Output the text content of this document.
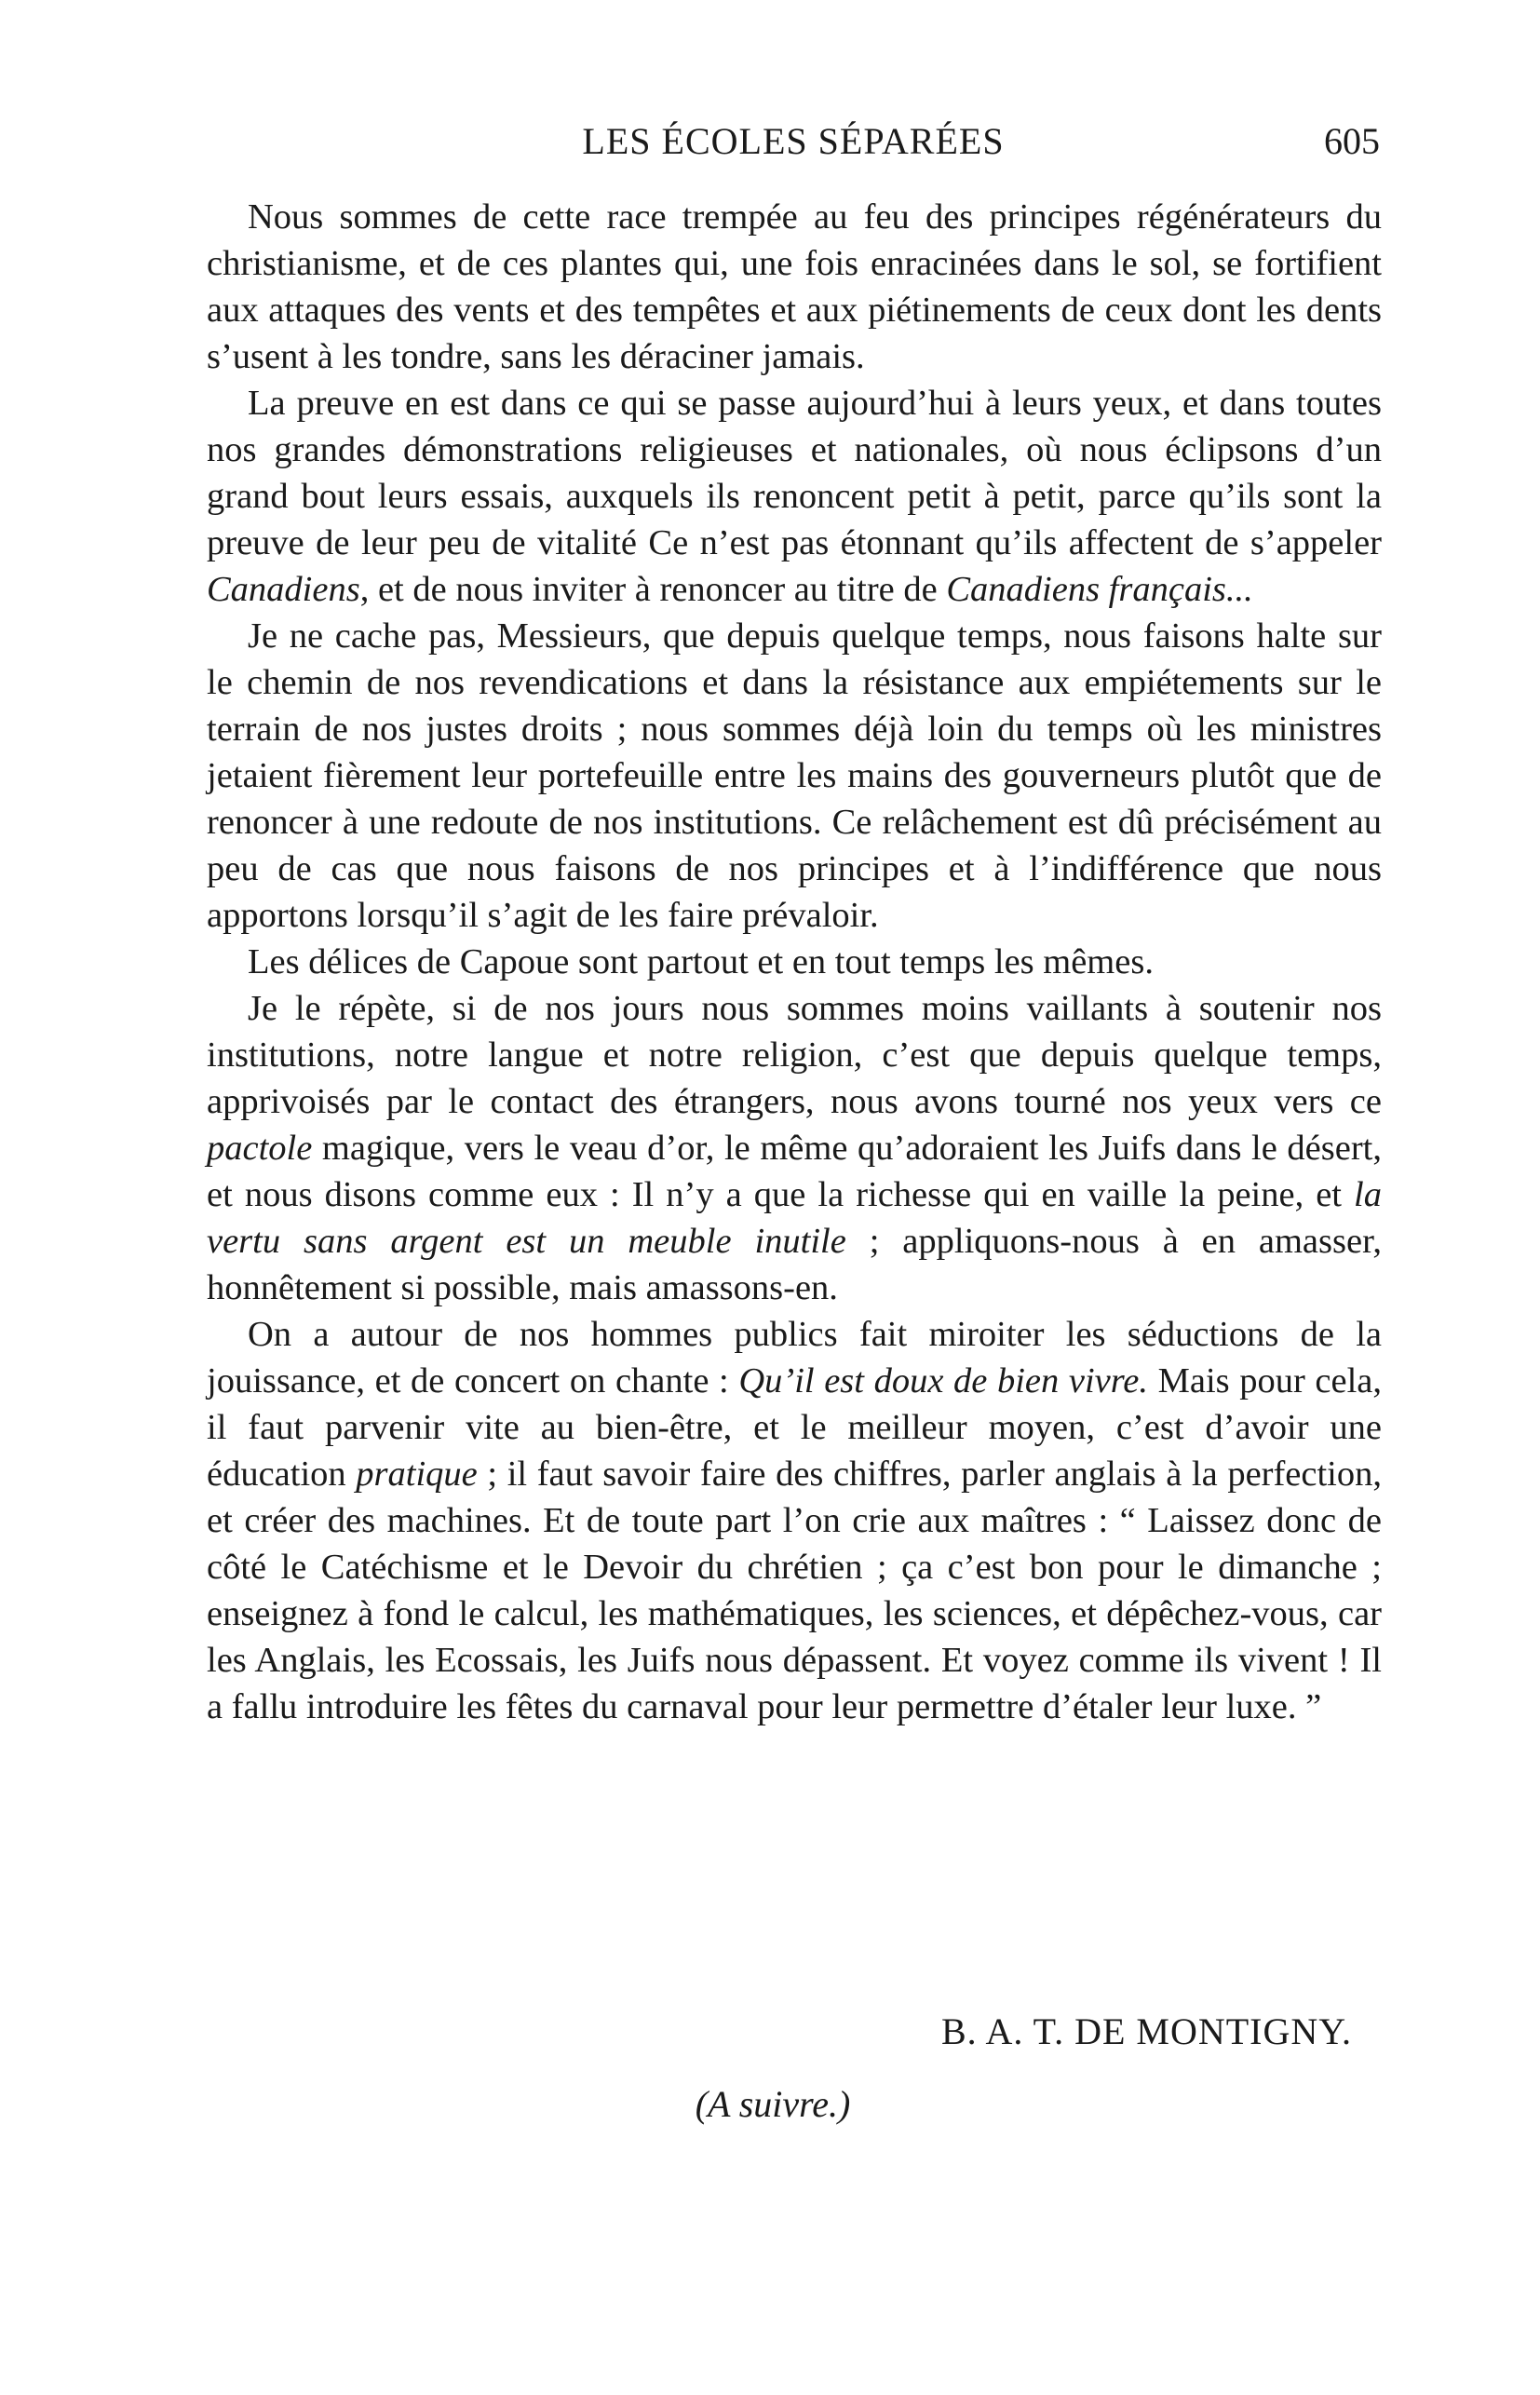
LES ÉCOLES SÉPARÉES	605

Nous sommes de cette race trempée au feu des principes régénérateurs du christianisme, et de ces plantes qui, une fois enracinées dans le sol, se fortifient aux attaques des vents et des tempêtes et aux piétinements de ceux dont les dents s’usent à les tondre, sans les déraciner jamais.

La preuve en est dans ce qui se passe aujourd’hui à leurs yeux, et dans toutes nos grandes démonstrations religieuses et nationales, où nous éclipsons d’un grand bout leurs essais, auxquels ils renoncent petit à petit, parce qu’ils sont la preuve de leur peu de vitalité Ce n’est pas étonnant qu’ils affectent de s’appeler Canadiens, et de nous inviter à renoncer au titre de Canadiens français...

Je ne cache pas, Messieurs, que depuis quelque temps, nous faisons halte sur le chemin de nos revendications et dans la résistance aux empiétements sur le terrain de nos justes droits ; nous sommes déjà loin du temps où les ministres jetaient fièrement leur portefeuille entre les mains des gouverneurs plutôt que de renoncer à une redoute de nos institutions. Ce relâchement est dû précisément au peu de cas que nous faisons de nos principes et à l’indifférence que nous apportons lorsqu’il s’agit de les faire prévaloir.

Les délices de Capoue sont partout et en tout temps les mêmes.

Je le répète, si de nos jours nous sommes moins vaillants à soutenir nos institutions, notre langue et notre religion, c’est que depuis quelque temps, apprivoisés par le contact des étrangers, nous avons tourné nos yeux vers ce pactole magique, vers le veau d’or, le même qu’adoraient les Juifs dans le désert, et nous disons comme eux : Il n’y a que la richesse qui en vaille la peine, et la vertu sans argent est un meuble inutile ; appliquons-nous à en amasser, honnêtement si possible, mais amassons-en.

On a autour de nos hommes publics fait miroiter les séductions de la jouissance, et de concert on chante : Qu’il est doux de bien vivre. Mais pour cela, il faut parvenir vite au bien-être, et le meilleur moyen, c’est d’avoir une éducation pratique ; il faut savoir faire des chiffres, parler anglais à la perfection, et créer des machines. Et de toute part l’on crie aux maîtres : “ Laissez donc de côté le Catéchisme et le Devoir du chrétien ; ça c’est bon pour le dimanche ; enseignez à fond le calcul, les mathématiques, les sciences, et dépêchez-vous, car les Anglais, les Ecossais, les Juifs nous dépassent. Et voyez comme ils vivent ! Il a fallu introduire les fêtes du carnaval pour leur permettre d’étaler leur luxe. ”

B. A. T. DE MONTIGNY.
(A suivre.)
